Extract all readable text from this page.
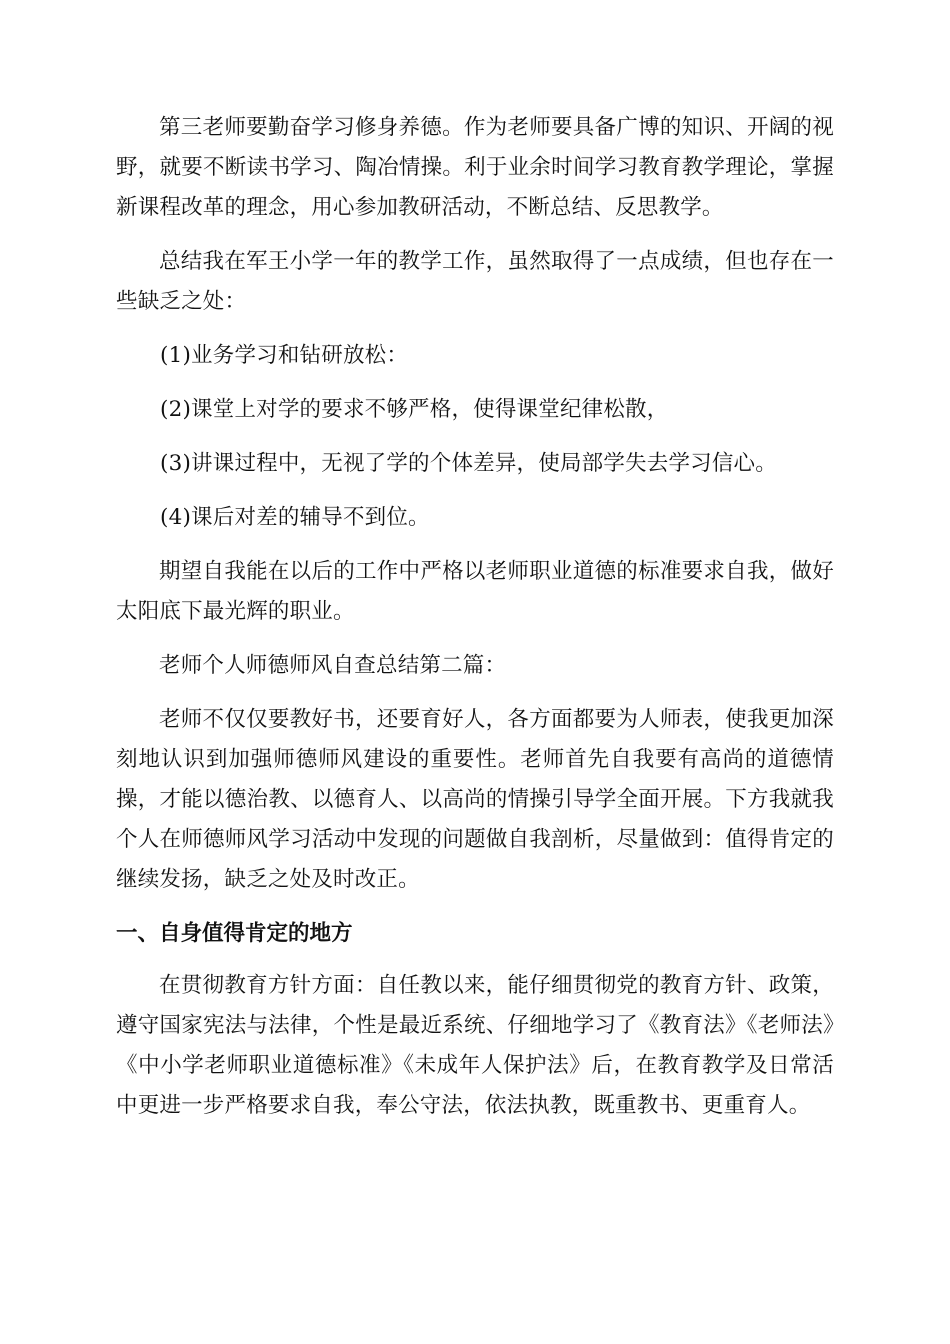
第三老师要勤奋学习修身养德。作为老师要具备广博的知识、开阔的视野，就要不断读书学习、陶冶情操。利于业余时间学习教育教学理论，掌握新课程改革的理念，用心参加教研活动，不断总结、反思教学。

总结我在军王小学一年的教学工作，虽然取得了一点成绩，但也存在一些缺乏之处：

(1)业务学习和钻研放松：

(2)课堂上对学的要求不够严格，使得课堂纪律松散，

(3)讲课过程中，无视了学的个体差异，使局部学失去学习信心。

(4)课后对差的辅导不到位。

期望自我能在以后的工作中严格以老师职业道德的标准要求自我，做好太阳底下最光辉的职业。

老师个人师德师风自查总结第二篇：

老师不仅仅要教好书，还要育好人，各方面都要为人师表，使我更加深刻地认识到加强师德师风建设的重要性。老师首先自我要有高尚的道德情操，才能以德治教、以德育人、以高尚的情操引导学全面开展。下方我就我个人在师德师风学习活动中发现的问题做自我剖析，尽量做到：值得肯定的继续发扬，缺乏之处及时改正。

一、自身值得肯定的地方

在贯彻教育方针方面：自任教以来，能仔细贯彻党的教育方针、政策，遵守国家宪法与法律，个性是最近系统、仔细地学习了《教育法》《老师法》《中小学老师职业道德标准》《未成年人保护法》后，在教育教学及日常活中更进一步严格要求自我，奉公守法，依法执教，既重教书、更重育人。
